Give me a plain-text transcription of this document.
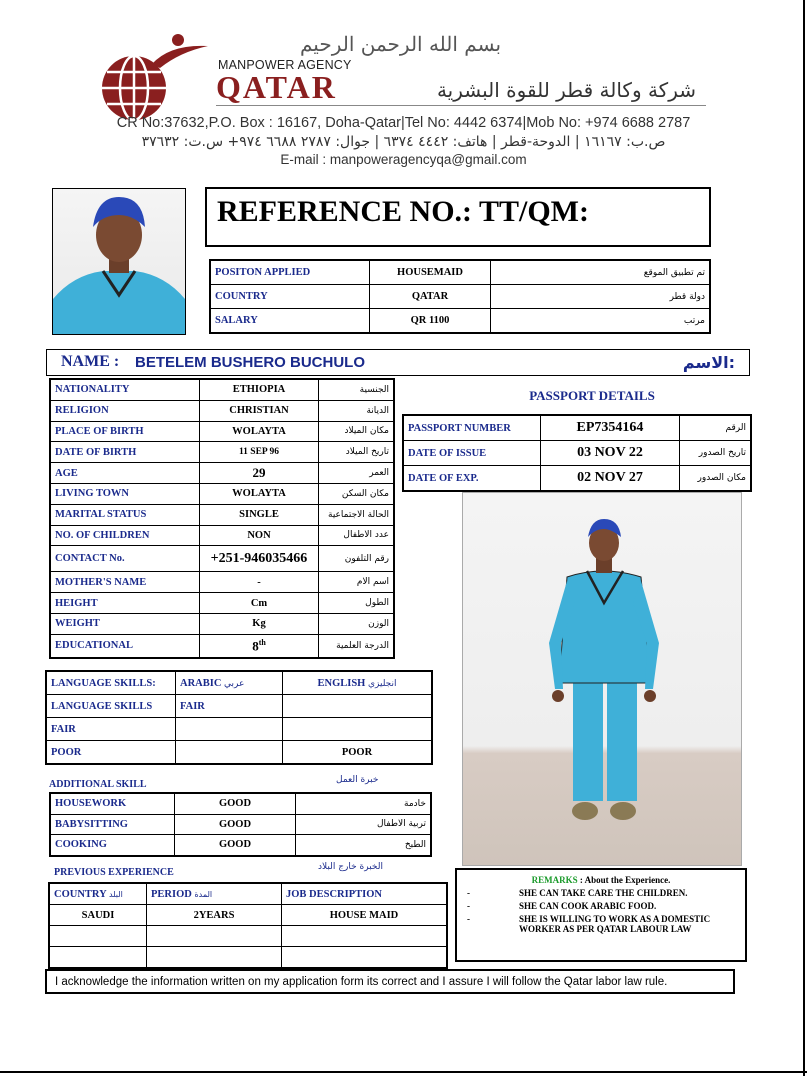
بسم الله الرحمن الرحيم
MANPOWER AGENCY
QATAR	شركة وكالة قطر للقوة البشرية
CR No:37632,P.O. Box : 16167, Doha-Qatar|Tel No: 4442 6374|Mob No: +974 6688 2787
ص.ب: ١٦١٦٧ | الدوحة-قطر | هاتف: ٤٤٤٢ ٦٣٧٤ | جوال: ٢٧٨٧ ٦٦٨٨ ٩٧٤+ س.ت: ٣٧٦٣٢
E-mail : manpoweragencyqa@gmail.com
REFERENCE NO.: TT/QM:
POSITON APPLIED	HOUSEMAID	تم تطبيق الموقع
COUNTRY	QATAR	دولة قطر
SALARY	QR 1100	مرتب
NAME : BETELEM BUSHERO BUCHULO	الاسم:
NATIONALITY	ETHIOPIA	الجنسية
RELIGION	CHRISTIAN	الديانة
PLACE OF BIRTH	WOLAYTA	مكان الميلاد
DATE OF BIRTH	11 SEP 96	تاريخ الميلاد
AGE	29	العمر
LIVING TOWN	WOLAYTA	مكان السكن
MARITAL STATUS	SINGLE	الحالة الاجتماعية
NO. OF CHILDREN	NON	عدد الاطفال
CONTACT No.	+251-946035466	رقم التلفون
MOTHER'S NAME	-	اسم الام
HEIGHT	Cm	الطول
WEIGHT	Kg	الوزن
EDUCATIONAL	8th	الدرجة العلمية
PASSPORT DETAILS
PASSPORT NUMBER	EP7354164	الرقم
DATE OF ISSUE	03 NOV 22	تاريخ الصدور
DATE OF EXP.	02 NOV 27	مكان الصدور
LANGUAGE SKILLS:	ARABIC عربي	ENGLISH انجليزي
LANGUAGE SKILLS	FAIR	
FAIR		
POOR		POOR
ADDITIONAL SKILL	خبرة العمل
HOUSEWORK	GOOD	خادمة
BABYSITTING	GOOD	تربية الاطفال
COOKING	GOOD	الطبخ
PREVIOUS EXPERIENCE	الخبرة خارج البلاد
COUNTRY البلد	PERIOD المدة	JOB DESCRIPTION
SAUDI	2YEARS	HOUSE MAID

REMARKS : About the Experience.
-	SHE CAN TAKE CARE THE CHILDREN.
-	SHE CAN COOK ARABIC FOOD.
-	SHE IS WILLING TO WORK AS A DOMESTIC WORKER AS PER QATAR LABOUR LAW
I acknowledge the information written on my application form its correct and I assure I will follow the Qatar labor law rule.
